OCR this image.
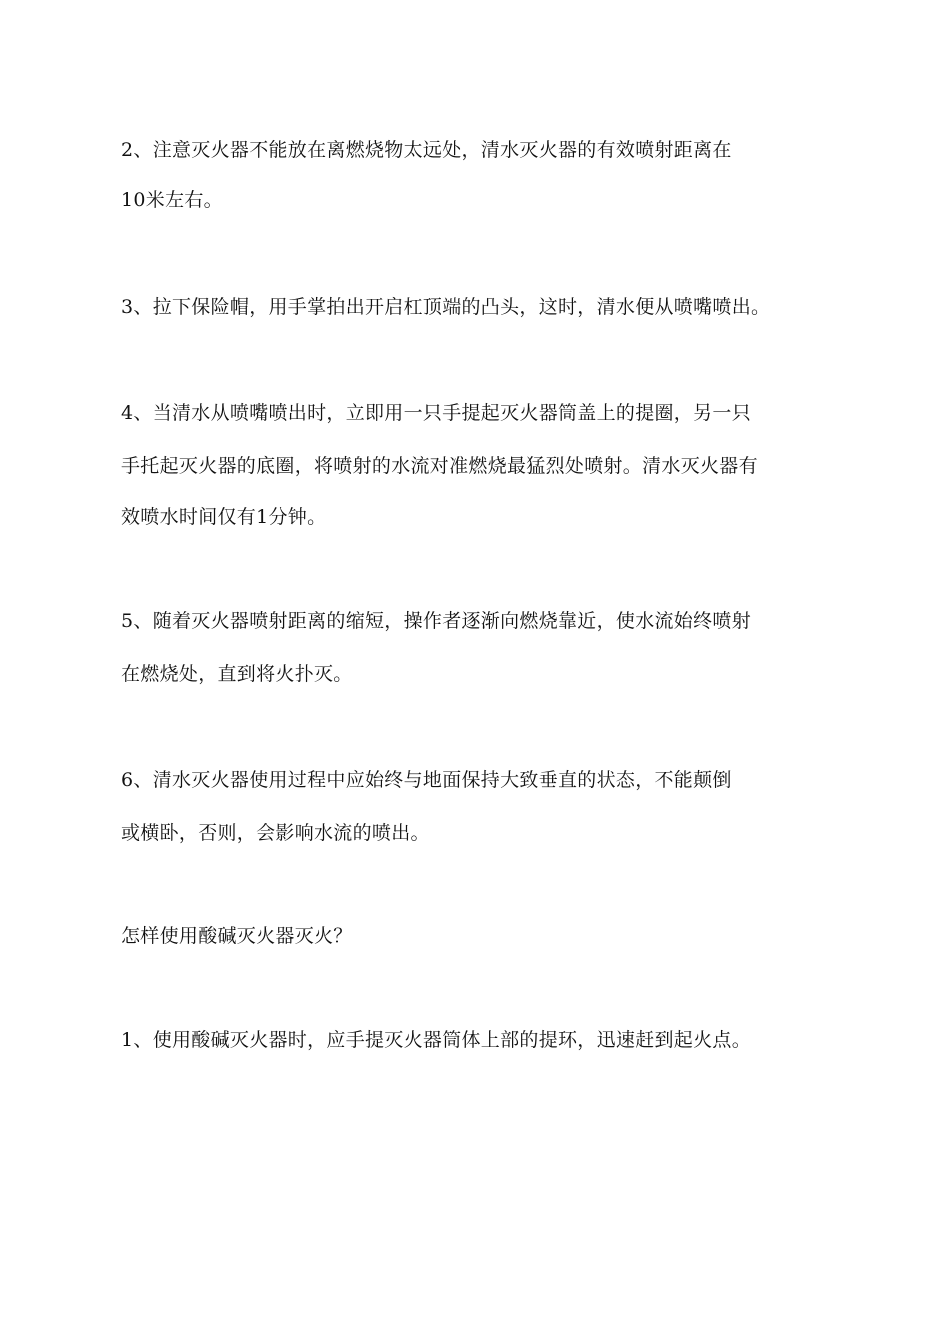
2、注意灭火器不能放在离燃烧物太远处，清水灭火器的有效喷射距离在
10米左右。
3、拉下保险帽，用手掌拍出开启杠顶端的凸头，这时，清水便从喷嘴喷出。
4、当清水从喷嘴喷出时，立即用一只手提起灭火器筒盖上的提圈，另一只
手托起灭火器的底圈，将喷射的水流对准燃烧最猛烈处喷射。清水灭火器有
效喷水时间仅有1分钟。
5、随着灭火器喷射距离的缩短，操作者逐渐向燃烧靠近，使水流始终喷射
在燃烧处，直到将火扑灭。
6、清水灭火器使用过程中应始终与地面保持大致垂直的状态，不能颠倒
或横卧，否则，会影响水流的喷出。
怎样使用酸碱灭火器灭火？
1、使用酸碱灭火器时，应手提灭火器筒体上部的提环，迅速赶到起火点。
